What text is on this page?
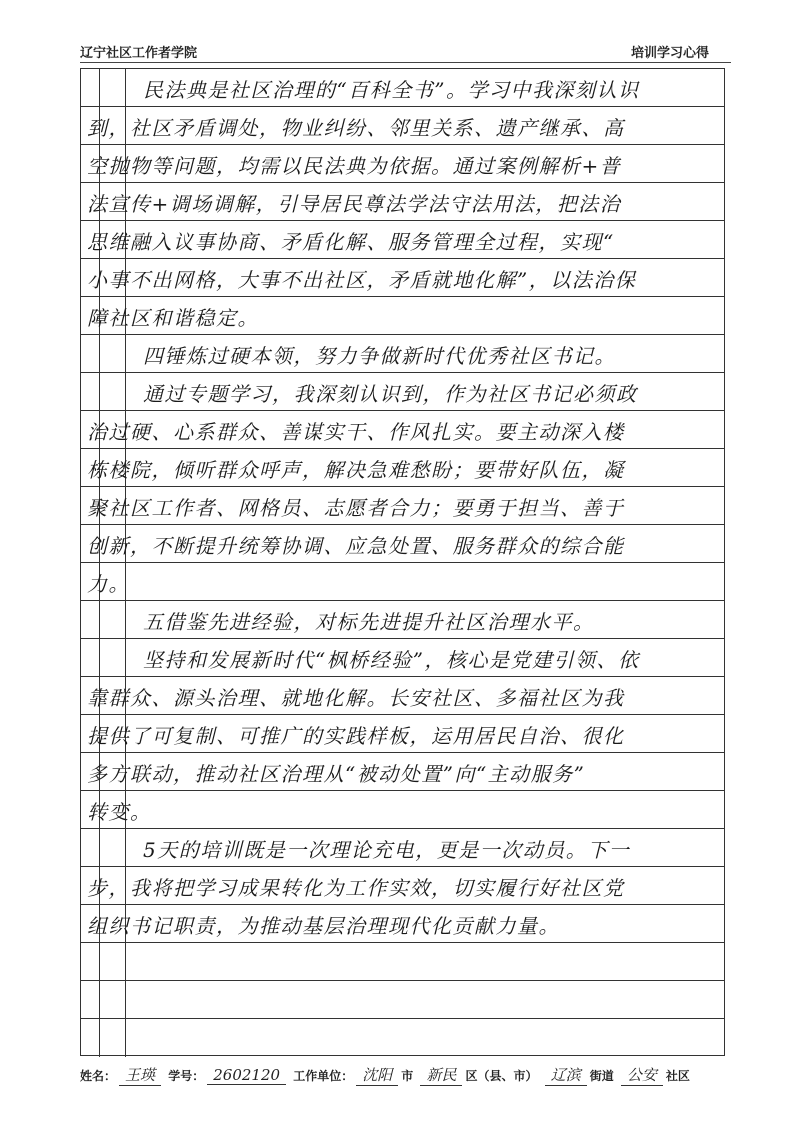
辽宁社区工作者学院	培训学习心得
民法典是社区治理的“百科全书”。学习中我深刻认识
到，社区矛盾调处，物业纠纷、邻里关系、遗产继承、高
空抛物等问题，均需以民法典为依据。通过案例解析+普
法宣传+调场调解，引导居民尊法学法守法用法，把法治
思维融入议事协商、矛盾化解、服务管理全过程，实现“
小事不出网格，大事不出社区，矛盾就地化解”，以法治保
障社区和谐稳定。
四锤炼过硬本领，努力争做新时代优秀社区书记。
通过专题学习，我深刻认识到，作为社区书记必须政
治过硬、心系群众、善谋实干、作风扎实。要主动深入楼
栋楼院，倾听群众呼声，解决急难愁盼；要带好队伍，凝
聚社区工作者、网格员、志愿者合力；要勇于担当、善于
创新，不断提升统筹协调、应急处置、服务群众的综合能
力。
五借鉴先进经验，对标先进提升社区治理水平。
坚持和发展新时代“枫桥经验”，核心是党建引领、依
靠群众、源头治理、就地化解。长安社区、多福社区为我
提供了可复制、可推广的实践样板，运用居民自治、很化
多方联动，推动社区治理从“被动处置”向“主动服务”
转变。
5天的培训既是一次理论充电，更是一次动员。下一
步，我将把学习成果转化为工作实效，切实履行好社区党
组织书记职责，为推动基层治理现代化贡献力量。
姓名： 王瑛 学号： 2602120 工作单位： 沈阳 市 新民 区（县、市） 辽滨 街道 公安 社区
